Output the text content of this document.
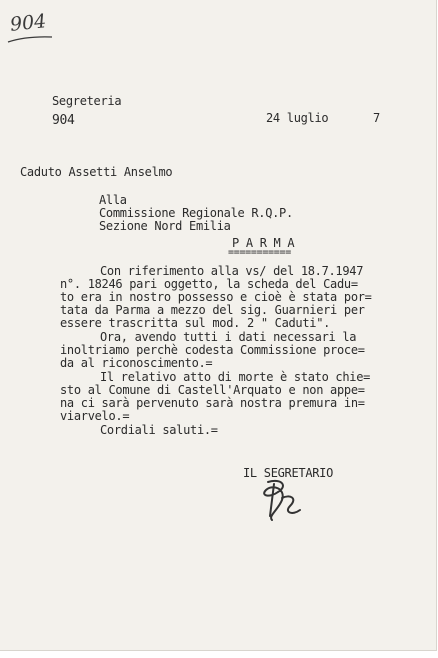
904
Segreteria
904	24 luglio	7
Caduto Assetti Anselmo
Alla
Commissione Regionale R.Q.P.
Sezione Nord Emilia
P A R M A
===========
Con riferimento alla vs/ del 18.7.1947
n°. 18246 pari oggetto, la scheda del Cadu=
to era in nostro possesso e cioè è stata por=
tata da Parma a mezzo del sig. Guarnieri per
essere trascritta sul mod. 2 " Caduti".
Ora, avendo tutti i dati necessari la
inoltriamo perchè codesta Commissione proce=
da al riconoscimento.=
Il relativo atto di morte è stato chie=
sto al Comune di Castell'Arquato e non appe=
na ci sarà pervenuto sarà nostra premura in=
viarvelo.=
Cordiali saluti.=
IL SEGRETARIO
